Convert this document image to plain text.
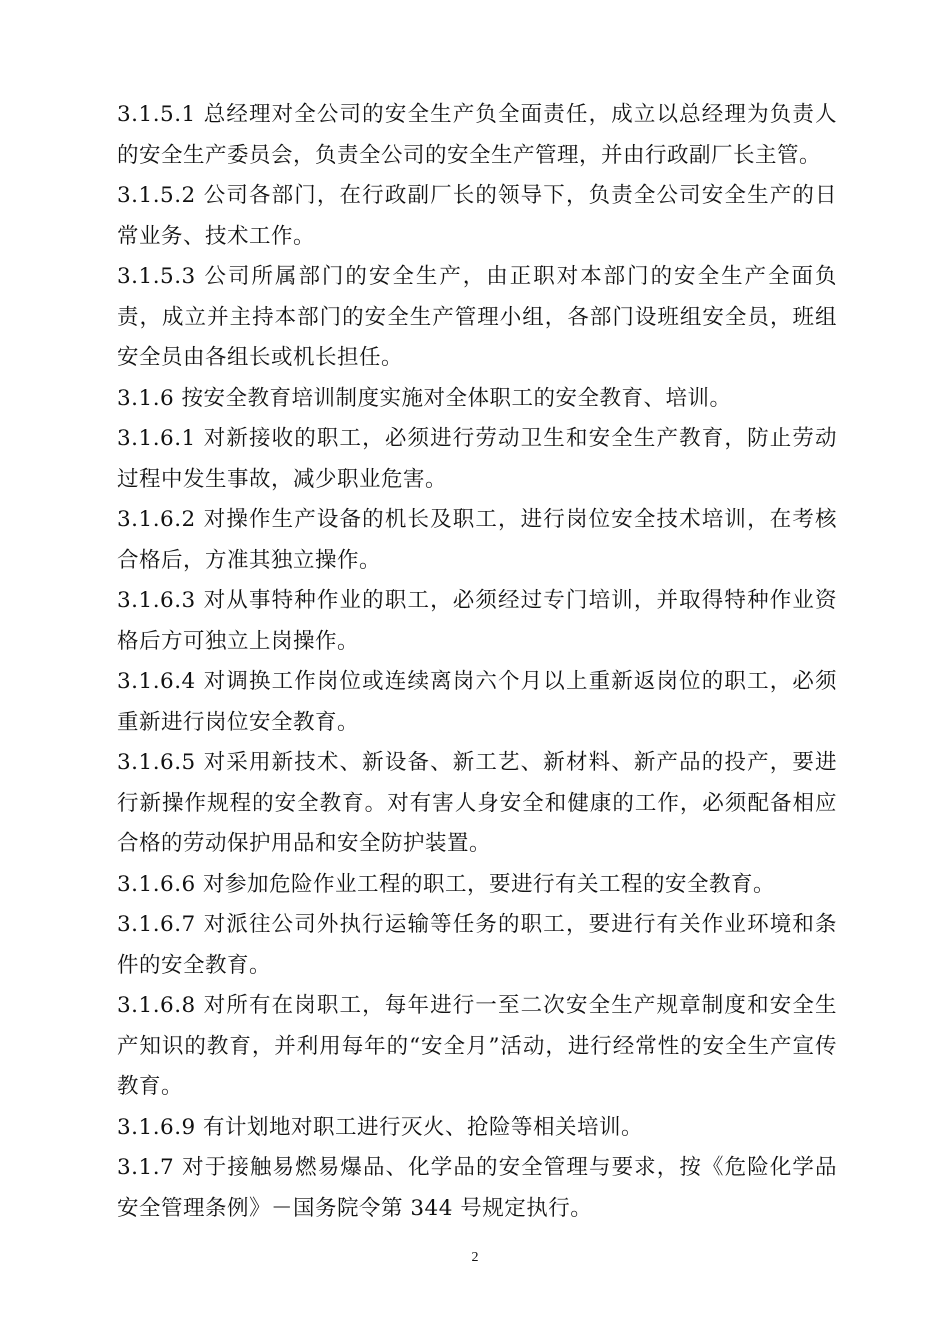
3.1.5.1 总经理对全公司的安全生产负全面责任，成立以总经理为负责人的安全生产委员会，负责全公司的安全生产管理，并由行政副厂长主管。

3.1.5.2 公司各部门，在行政副厂长的领导下，负责全公司安全生产的日常业务、技术工作。

3.1.5.3 公司所属部门的安全生产，由正职对本部门的安全生产全面负责，成立并主持本部门的安全生产管理小组，各部门设班组安全员，班组安全员由各组长或机长担任。

3.1.6 按安全教育培训制度实施对全体职工的安全教育、培训。

3.1.6.1 对新接收的职工，必须进行劳动卫生和安全生产教育，防止劳动过程中发生事故，减少职业危害。

3.1.6.2 对操作生产设备的机长及职工，进行岗位安全技术培训，在考核合格后，方准其独立操作。

3.1.6.3 对从事特种作业的职工，必须经过专门培训，并取得特种作业资格后方可独立上岗操作。

3.1.6.4 对调换工作岗位或连续离岗六个月以上重新返岗位的职工，必须重新进行岗位安全教育。

3.1.6.5 对采用新技术、新设备、新工艺、新材料、新产品的投产，要进行新操作规程的安全教育。对有害人身安全和健康的工作，必须配备相应合格的劳动保护用品和安全防护装置。

3.1.6.6 对参加危险作业工程的职工，要进行有关工程的安全教育。

3.1.6.7 对派往公司外执行运输等任务的职工，要进行有关作业环境和条件的安全教育。

3.1.6.8 对所有在岗职工，每年进行一至二次安全生产规章制度和安全生产知识的教育，并利用每年的“安全月”活动，进行经常性的安全生产宣传教育。

3.1.6.9 有计划地对职工进行灭火、抢险等相关培训。

3.1.7 对于接触易燃易爆品、化学品的安全管理与要求，按《危险化学品安全管理条例》－国务院令第 344 号规定执行。

2
